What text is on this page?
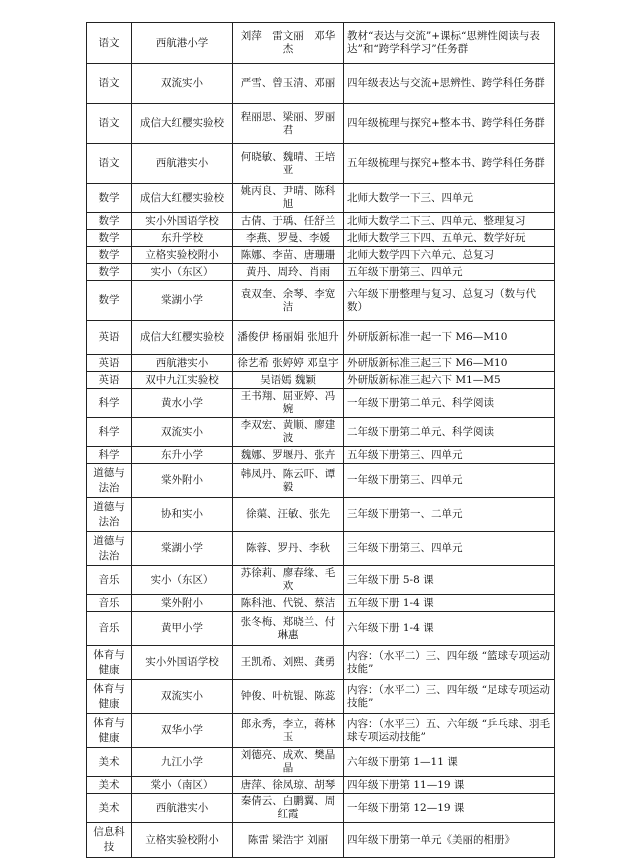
语文	西航港小学	刘萍　雷文丽　邓华杰	教材“表达与交流”+课标“思辨性阅读与表达”和“跨学科学习”任务群
语文	双流实小	严雪、曾玉清、邓丽	四年级表达与交流+思辨性、跨学科任务群
语文	成信大红樱实验校	程丽思、梁丽、罗丽君	四年级梳理与探究+整本书、跨学科任务群
语文	西航港实小	何晓敏、魏晴、王培亚	五年级梳理与探究+整本书、跨学科任务群
数学	成信大红樱实验校	姚丙良、尹晴、陈科旭	北师大数学一下三、四单元
数学	实小外国语学校	古倩、于瑀、任舒兰	北师大数学二下三、四单元、整理复习
数学	东升学校	李燕、罗曼、李媛	北师大数学三下四、五单元、数学好玩
数学	立格实验校附小	陈娜、李苗、唐珊珊	北师大数学四下六单元、总复习
数学	实小（东区）	黄丹、周玲、肖雨	五年级下册第三、四单元
数学	棠湖小学	袁双奎、余琴、李宽洁	六年级下册整理与复习、总复习（数与代数）
英语	成信大红樱实验校	潘俊伊 杨丽娟 张旭升	外研版新标准一起一下 M6—M10
英语	西航港实小	徐艺希 张婷婷 邓皇宇	外研版新标准三起三下 M6—M10
英语	双中九江实验校	吴语嫣 魏颖	外研版新标准三起六下 M1—M5
科学	黄水小学	王书翔、屈亚婷、冯婉	一年级下册第二单元、科学阅读
科学	双流实小	李双宏、黄顺、廖建波	二年级下册第二单元、科学阅读
科学	东升小学	魏娜、罗堰丹、张卉	五年级下册第三、四单元
道德与法治	棠外附小	韩凤丹、陈云吓、谭毅	一年级下册第三、四单元
道德与法治	协和实小	徐蕖、汪敏、张先	三年级下册第一、二单元
道德与法治	棠湖小学	陈蓉、罗丹、李秋	三年级下册第三、四单元
音乐	实小（东区）	苏徐莉、廖春缘、毛欢	三年级下册 5-8 课
音乐	棠外附小	陈科池、代锐、蔡洁	五年级下册 1-4 课
音乐	黄甲小学	张冬梅、郑晓兰、付琳惠	六年级下册 1-4 课
体育与健康	实小外国语学校	王凯希、刘熙、龚勇	内容：（水平二）三、四年级 “篮球专项运动技能”
体育与健康	双流实小	钟俊、叶杭锟、陈蕊	内容：（水平二）三、四年级 “足球专项运动技能”
体育与健康	双华小学	郎永秀，李立，蒋林玉	内容：（水平三）五、六年级 “乒乓球、羽毛球专项运动技能”
美术	九江小学	刘德亮、成欢、樊晶晶	六年级下册第 1—11 课
美术	棠小（南区）	唐萍、徐凤琼、胡琴	四年级下册第 11—19 课
美术	西航港实小	秦倩云、白鹏翼、周红霞	一年级下册第 12—19 课
信息科技	立格实验校附小	陈雷 梁浩宇 刘丽	四年级下册第一单元《美丽的相册》
